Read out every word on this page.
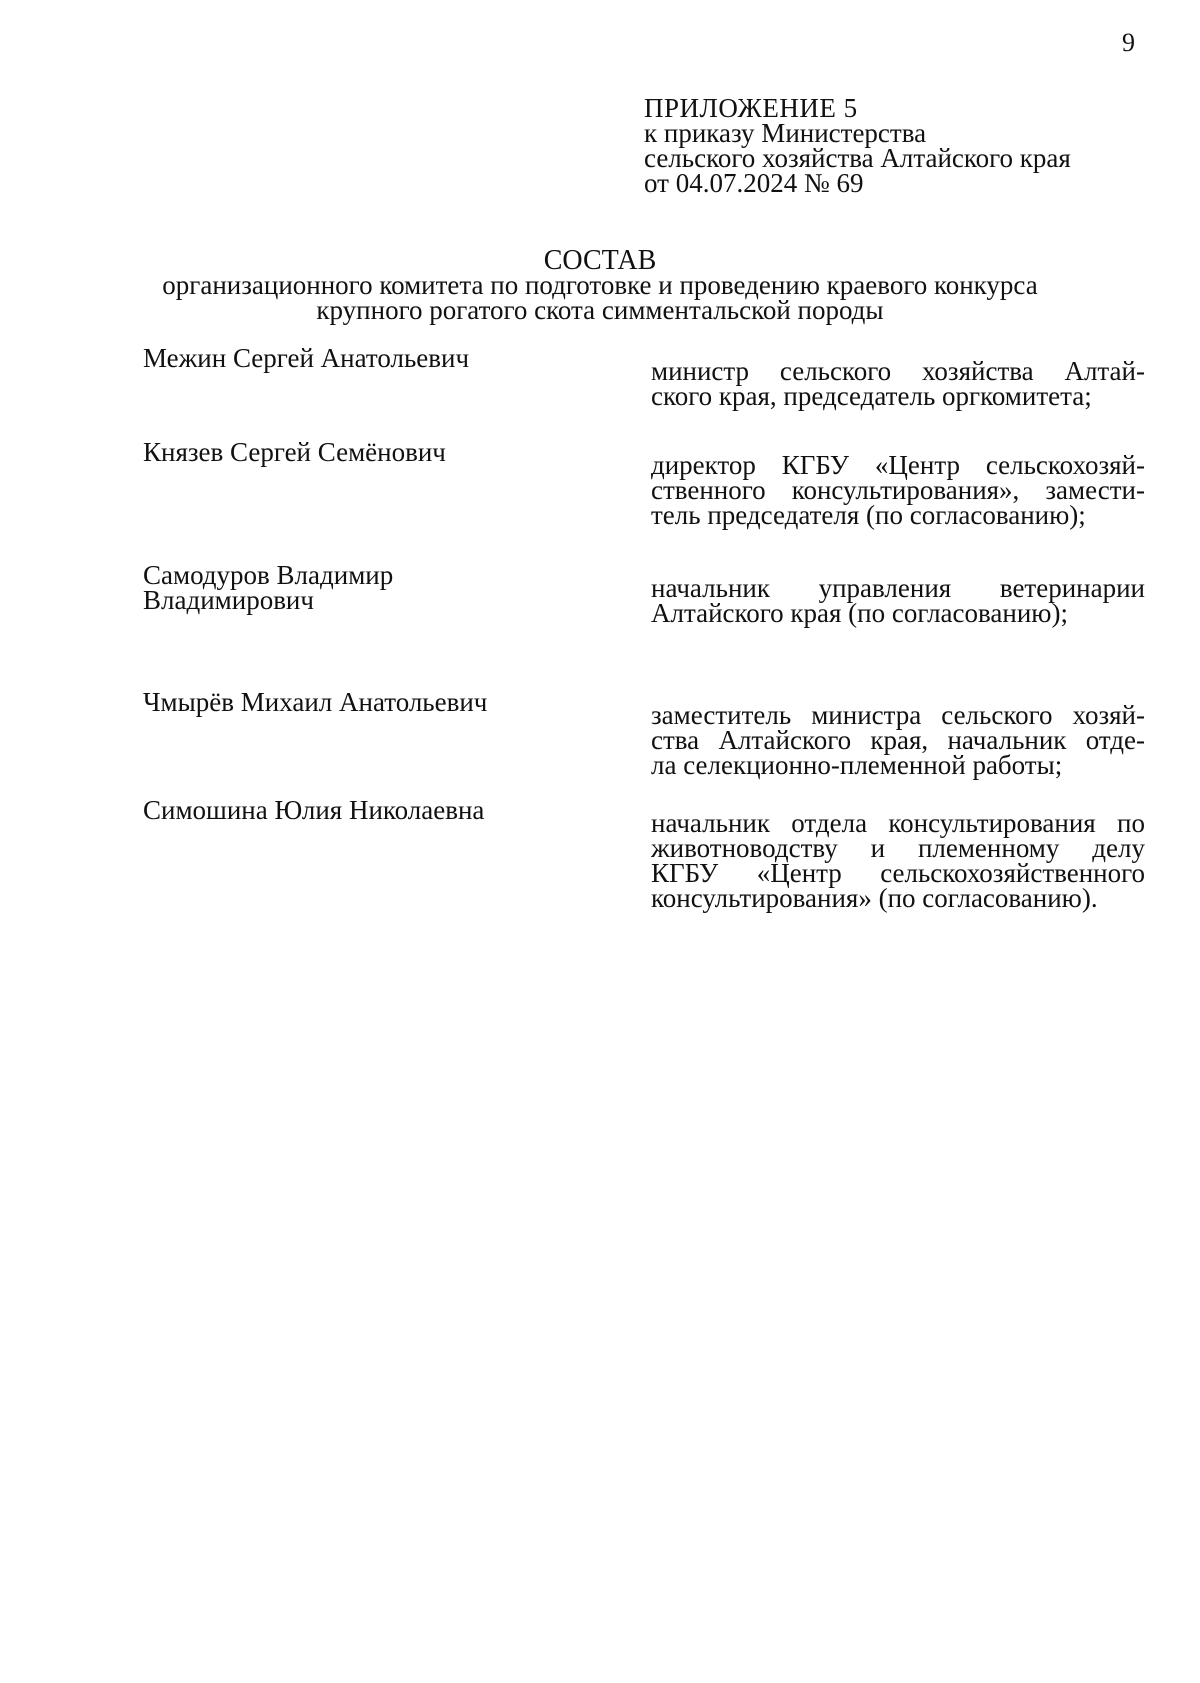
9
ПРИЛОЖЕНИЕ 5
к приказу Министерства
сельского хозяйства Алтайского края
от 04.07.2024 № 69
СОСТАВ
организационного комитета по подготовке и проведению краевого конкурса
крупного рогатого скота симментальской породы
Межин Сергей Анатольевич	министр сельского хозяйства Алтай-
ского края, председатель оргкомитета;
Князев Сергей Семёнович	директор КГБУ «Центр сельскохозяй-
ственного консультирования», замести-
тель председателя (по согласованию);
Самодуров Владимир
Владимирович	начальник управления ветеринарии
Алтайского края (по согласованию);
Чмырёв Михаил Анатольевич	заместитель министра сельского хозяй-
ства Алтайского края, начальник отде-
ла селекционно-племенной работы;
Симошина Юлия Николаевна	начальник отдела консультирования по
животноводству и племенному делу
КГБУ «Центр сельскохозяйственного
консультирования» (по согласованию).
